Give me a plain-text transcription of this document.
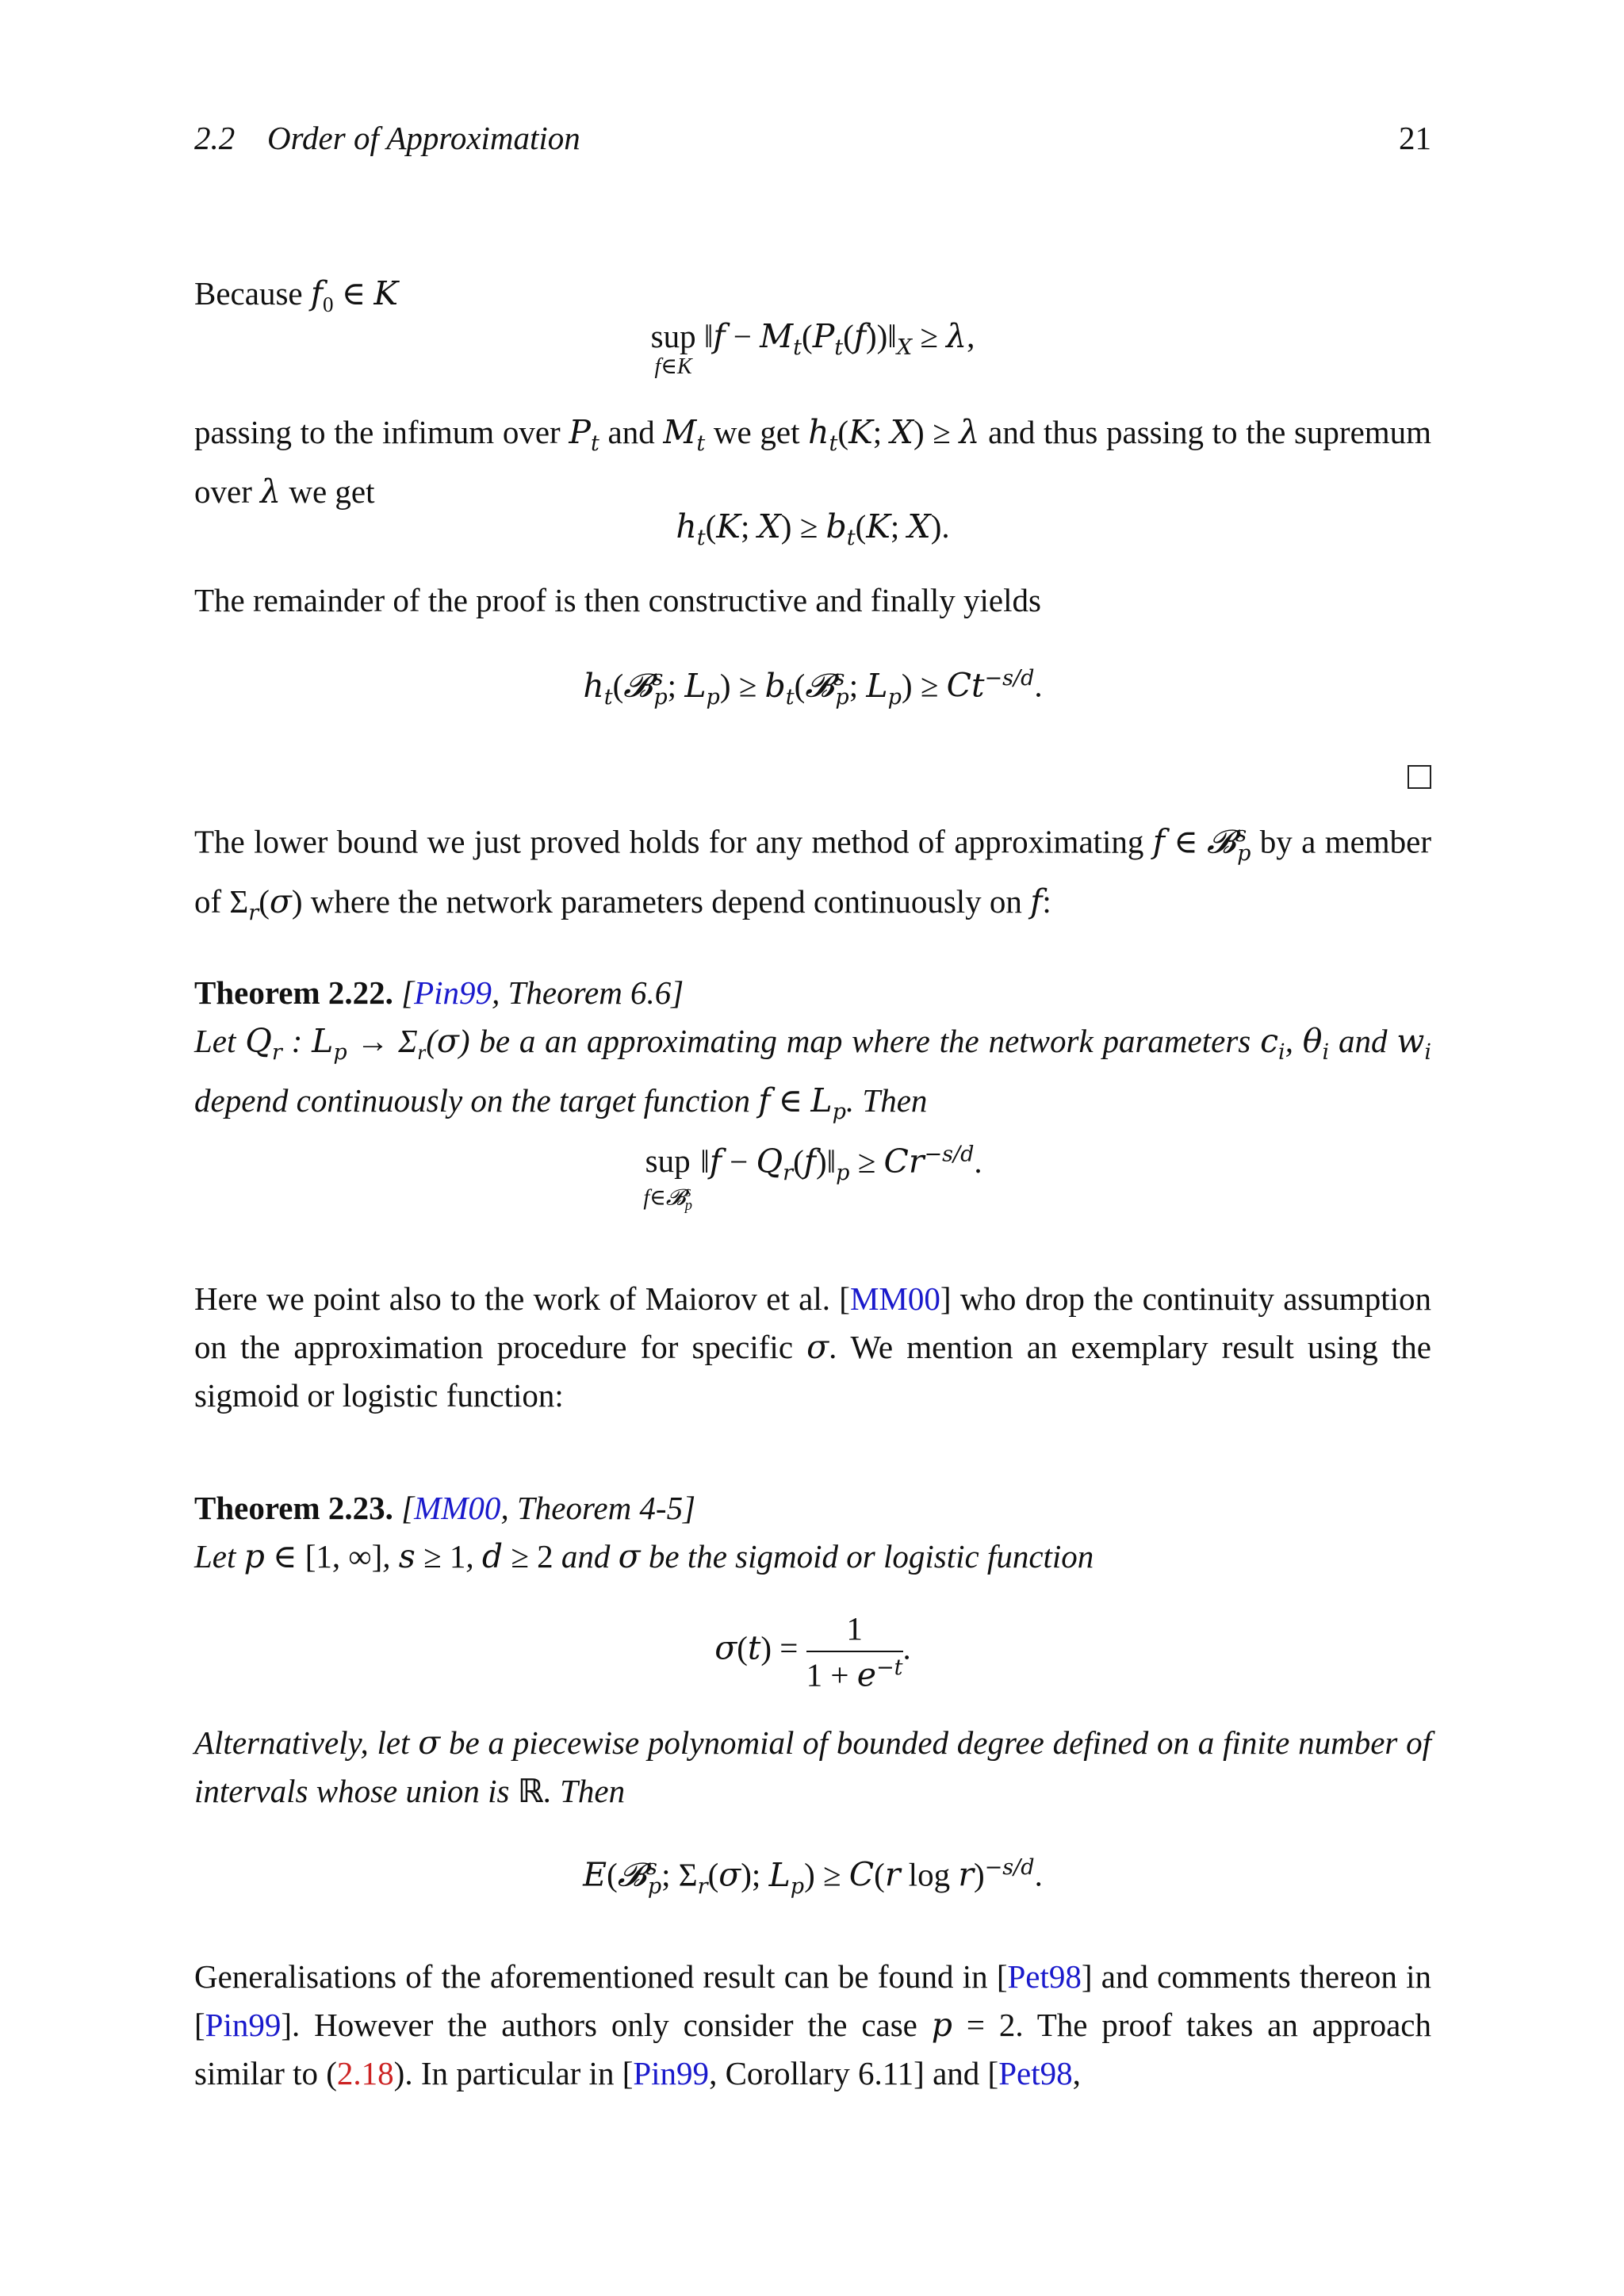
2.2 Order of Approximation	21

Because $f_0$ ∈ K

sup
f∈K
‖f − $M_t(P_t(f))‖_X \ge \lambda$,

passing to the infimum over $P_t$ and $M_t$ we get $h_t(K$; X) ≥ λ and thus passing to the supremum over λ we get

$h_t(K$; $X) \ge b_t(K$; X).

The remainder of the proof is then constructive and finally yields

$h_t(𝓑^s_p$; $L_p$) ≥ $b_t(𝓑^s_p$; $L_p) \ge Ct^{-s/d}$.

The lower bound we just proved holds for any method of approximating f ∈ 𝓑$^s_p$ by a member of $\Sigma_r(\sigma)$ where the network parameters depend continuously on f:

Theorem 2.22. [Pin99, Theorem 6.6]
Let $Q_r$ : $L_p \to \Sigma_r(\sigma)$ be a an approximating map where the network parameters $c_i$, $\theta_i$ and $w_i$ depend continuously on the target function f ∈ $L_p$. Then

sup
f∈𝓑$^s_p$
‖f − $Q_r(f)‖_p \ge Cr^{-s/d}$.

Here we point also to the work of Maiorov et al. [MM00] who drop the continuity assumption on the approximation procedure for specific σ. We mention an exemplary result using the sigmoid or logistic function:

Theorem 2.23. [MM00, Theorem 4-5]
Let p ∈ [1, ∞], s ≥ 1, d ≥ 2 and σ be the sigmoid or logistic function

$\sigma(t) = \frac{1}{1 + e^{-t}}$ .

Alternatively, let σ be a piecewise polynomial of bounded degree defined on a finite number of intervals whose union is ℝ. Then

E(𝓑$^s_p$; $\Sigma_r(\sigma)$; $L_p) \ge C(r$ log r)$^{-s/d}$.

Generalisations of the aforementioned result can be found in [Pet98] and comments thereon in [Pin99]. However the authors only consider the case p = 2. The proof takes an approach similar to (2.18). In particular in [Pin99, Corollary 6.11] and [Pet98,
